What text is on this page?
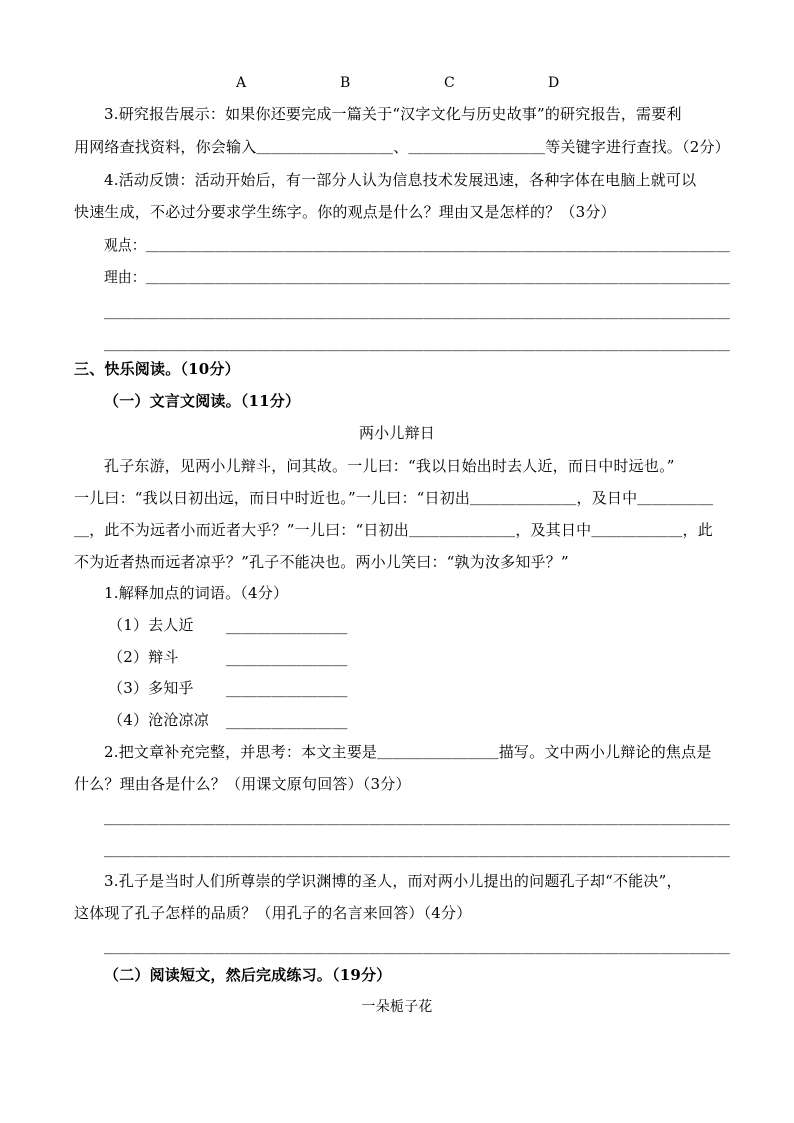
A	B	C	D
3.研究报告展示：如果你还要完成一篇关于“汉字文化与历史故事”的研究报告，需要利
用网络查找资料，你会输入＿＿＿＿＿＿＿＿＿、＿＿＿＿＿＿＿＿＿等关键字进行查找。（2分）
4.活动反馈：活动开始后，有一部分人认为信息技术发展迅速，各种字体在电脑上就可以
快速生成，不必过分要求学生练字。你的观点是什么？理由又是怎样的？（3分）
观点：＿＿＿＿＿＿＿＿＿＿＿＿＿＿＿＿＿＿＿＿＿＿＿＿＿＿＿＿＿＿＿＿＿＿＿＿＿＿＿＿＿＿
理由：＿＿＿＿＿＿＿＿＿＿＿＿＿＿＿＿＿＿＿＿＿＿＿＿＿＿＿＿＿＿＿＿＿＿＿＿＿＿＿＿＿＿
＿＿＿＿＿＿＿＿＿＿＿＿＿＿＿＿＿＿＿＿＿＿＿＿＿＿＿＿＿＿＿＿＿＿＿＿＿＿＿＿＿＿＿＿＿
＿＿＿＿＿＿＿＿＿＿＿＿＿＿＿＿＿＿＿＿＿＿＿＿＿＿＿＿＿＿＿＿＿＿＿＿＿＿＿＿＿＿＿＿＿
三、快乐阅读。（10分）
（一）文言文阅读。（11分）
两小儿辩日
孔子东游，见两小儿辩斗，问其故。一儿曰：“我以日始出时去人近，而日中时远也。”
一儿曰：“我以日初出远，而日中时近也。”一儿曰：“日初出＿＿＿＿＿＿＿，及日中＿＿＿＿＿
＿，此不为远者小而近者大乎？”一儿曰：“日初出＿＿＿＿＿＿＿，及其日中＿＿＿＿＿＿，此
不为近者热而远者凉乎？”孔子不能决也。两小儿笑曰：“孰为汝多知乎？”
1.解释加点的词语。（4分）
（1）去人近 ＿＿＿＿＿＿＿＿
（2）辩斗	＿＿＿＿＿＿＿＿
（3）多知乎 ＿＿＿＿＿＿＿＿
（4）沧沧凉凉 ＿＿＿＿＿＿＿＿
2.把文章补充完整，并思考：本文主要是＿＿＿＿＿＿＿＿描写。文中两小儿辩论的焦点是
什么？理由各是什么？（用课文原句回答）（3分）
＿＿＿＿＿＿＿＿＿＿＿＿＿＿＿＿＿＿＿＿＿＿＿＿＿＿＿＿＿＿＿＿＿＿＿＿＿＿＿＿＿＿＿＿＿
＿＿＿＿＿＿＿＿＿＿＿＿＿＿＿＿＿＿＿＿＿＿＿＿＿＿＿＿＿＿＿＿＿＿＿＿＿＿＿＿＿＿＿＿＿
3.孔子是当时人们所尊崇的学识渊博的圣人，而对两小儿提出的问题孔子却“不能决”，
这体现了孔子怎样的品质？（用孔子的名言来回答）（4分）
＿＿＿＿＿＿＿＿＿＿＿＿＿＿＿＿＿＿＿＿＿＿＿＿＿＿＿＿＿＿＿＿＿＿＿＿＿＿＿＿＿＿＿＿＿
（二）阅读短文，然后完成练习。（19分）
一朵栀子花
